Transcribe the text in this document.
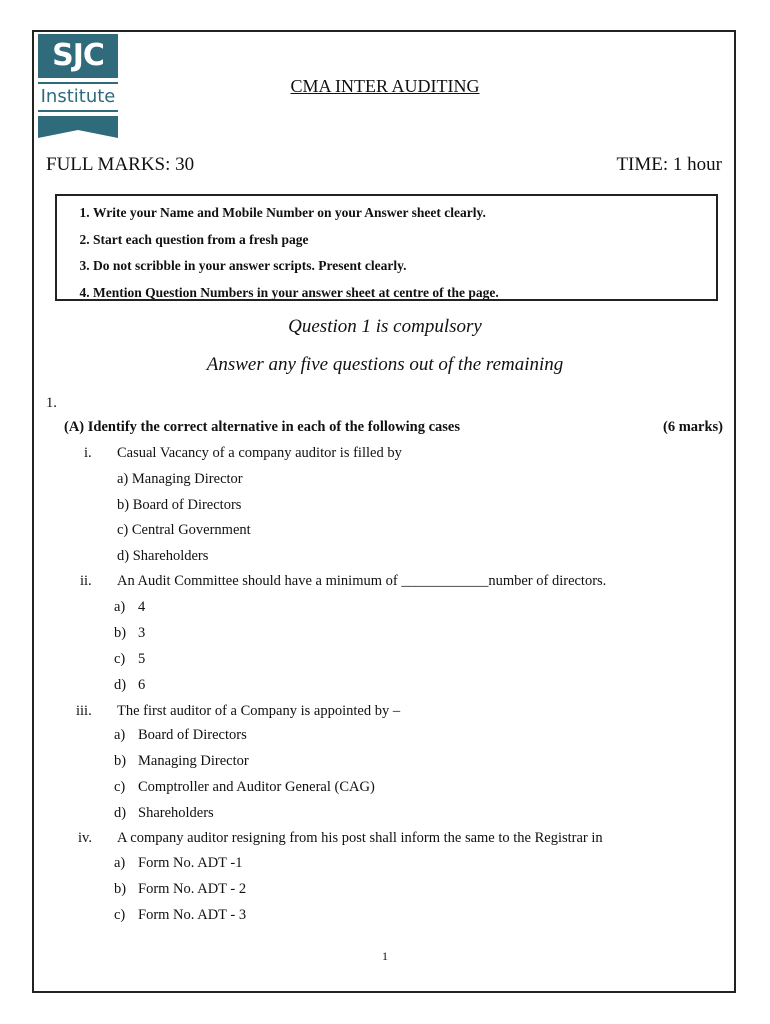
SJC
Institute	CMA INTER AUDITING
FULL MARKS: 30	TIME: 1 hour
1. Write your Name and Mobile Number on your Answer sheet clearly.
2. Start each question from a fresh page
3. Do not scribble in your answer scripts. Present clearly.
4. Mention Question Numbers in your answer sheet at centre of the page.
Question 1 is compulsory
Answer any five questions out of the remaining
1.
(A) Identify the correct alternative in each of the following cases	(6 marks)
i. Casual Vacancy of a company auditor is filled by
a) Managing Director
b) Board of Directors
c) Central Government
d) Shareholders
ii. An Audit Committee should have a minimum of ____________number of directors.
a) 4
b) 3
c) 5
d) 6
iii. The first auditor of a Company is appointed by –
a) Board of Directors
b) Managing Director
c) Comptroller and Auditor General (CAG)
d) Shareholders
iv. A company auditor resigning from his post shall inform the same to the Registrar in
a) Form No. ADT -1
b) Form No. ADT - 2
c) Form No. ADT - 3
1
